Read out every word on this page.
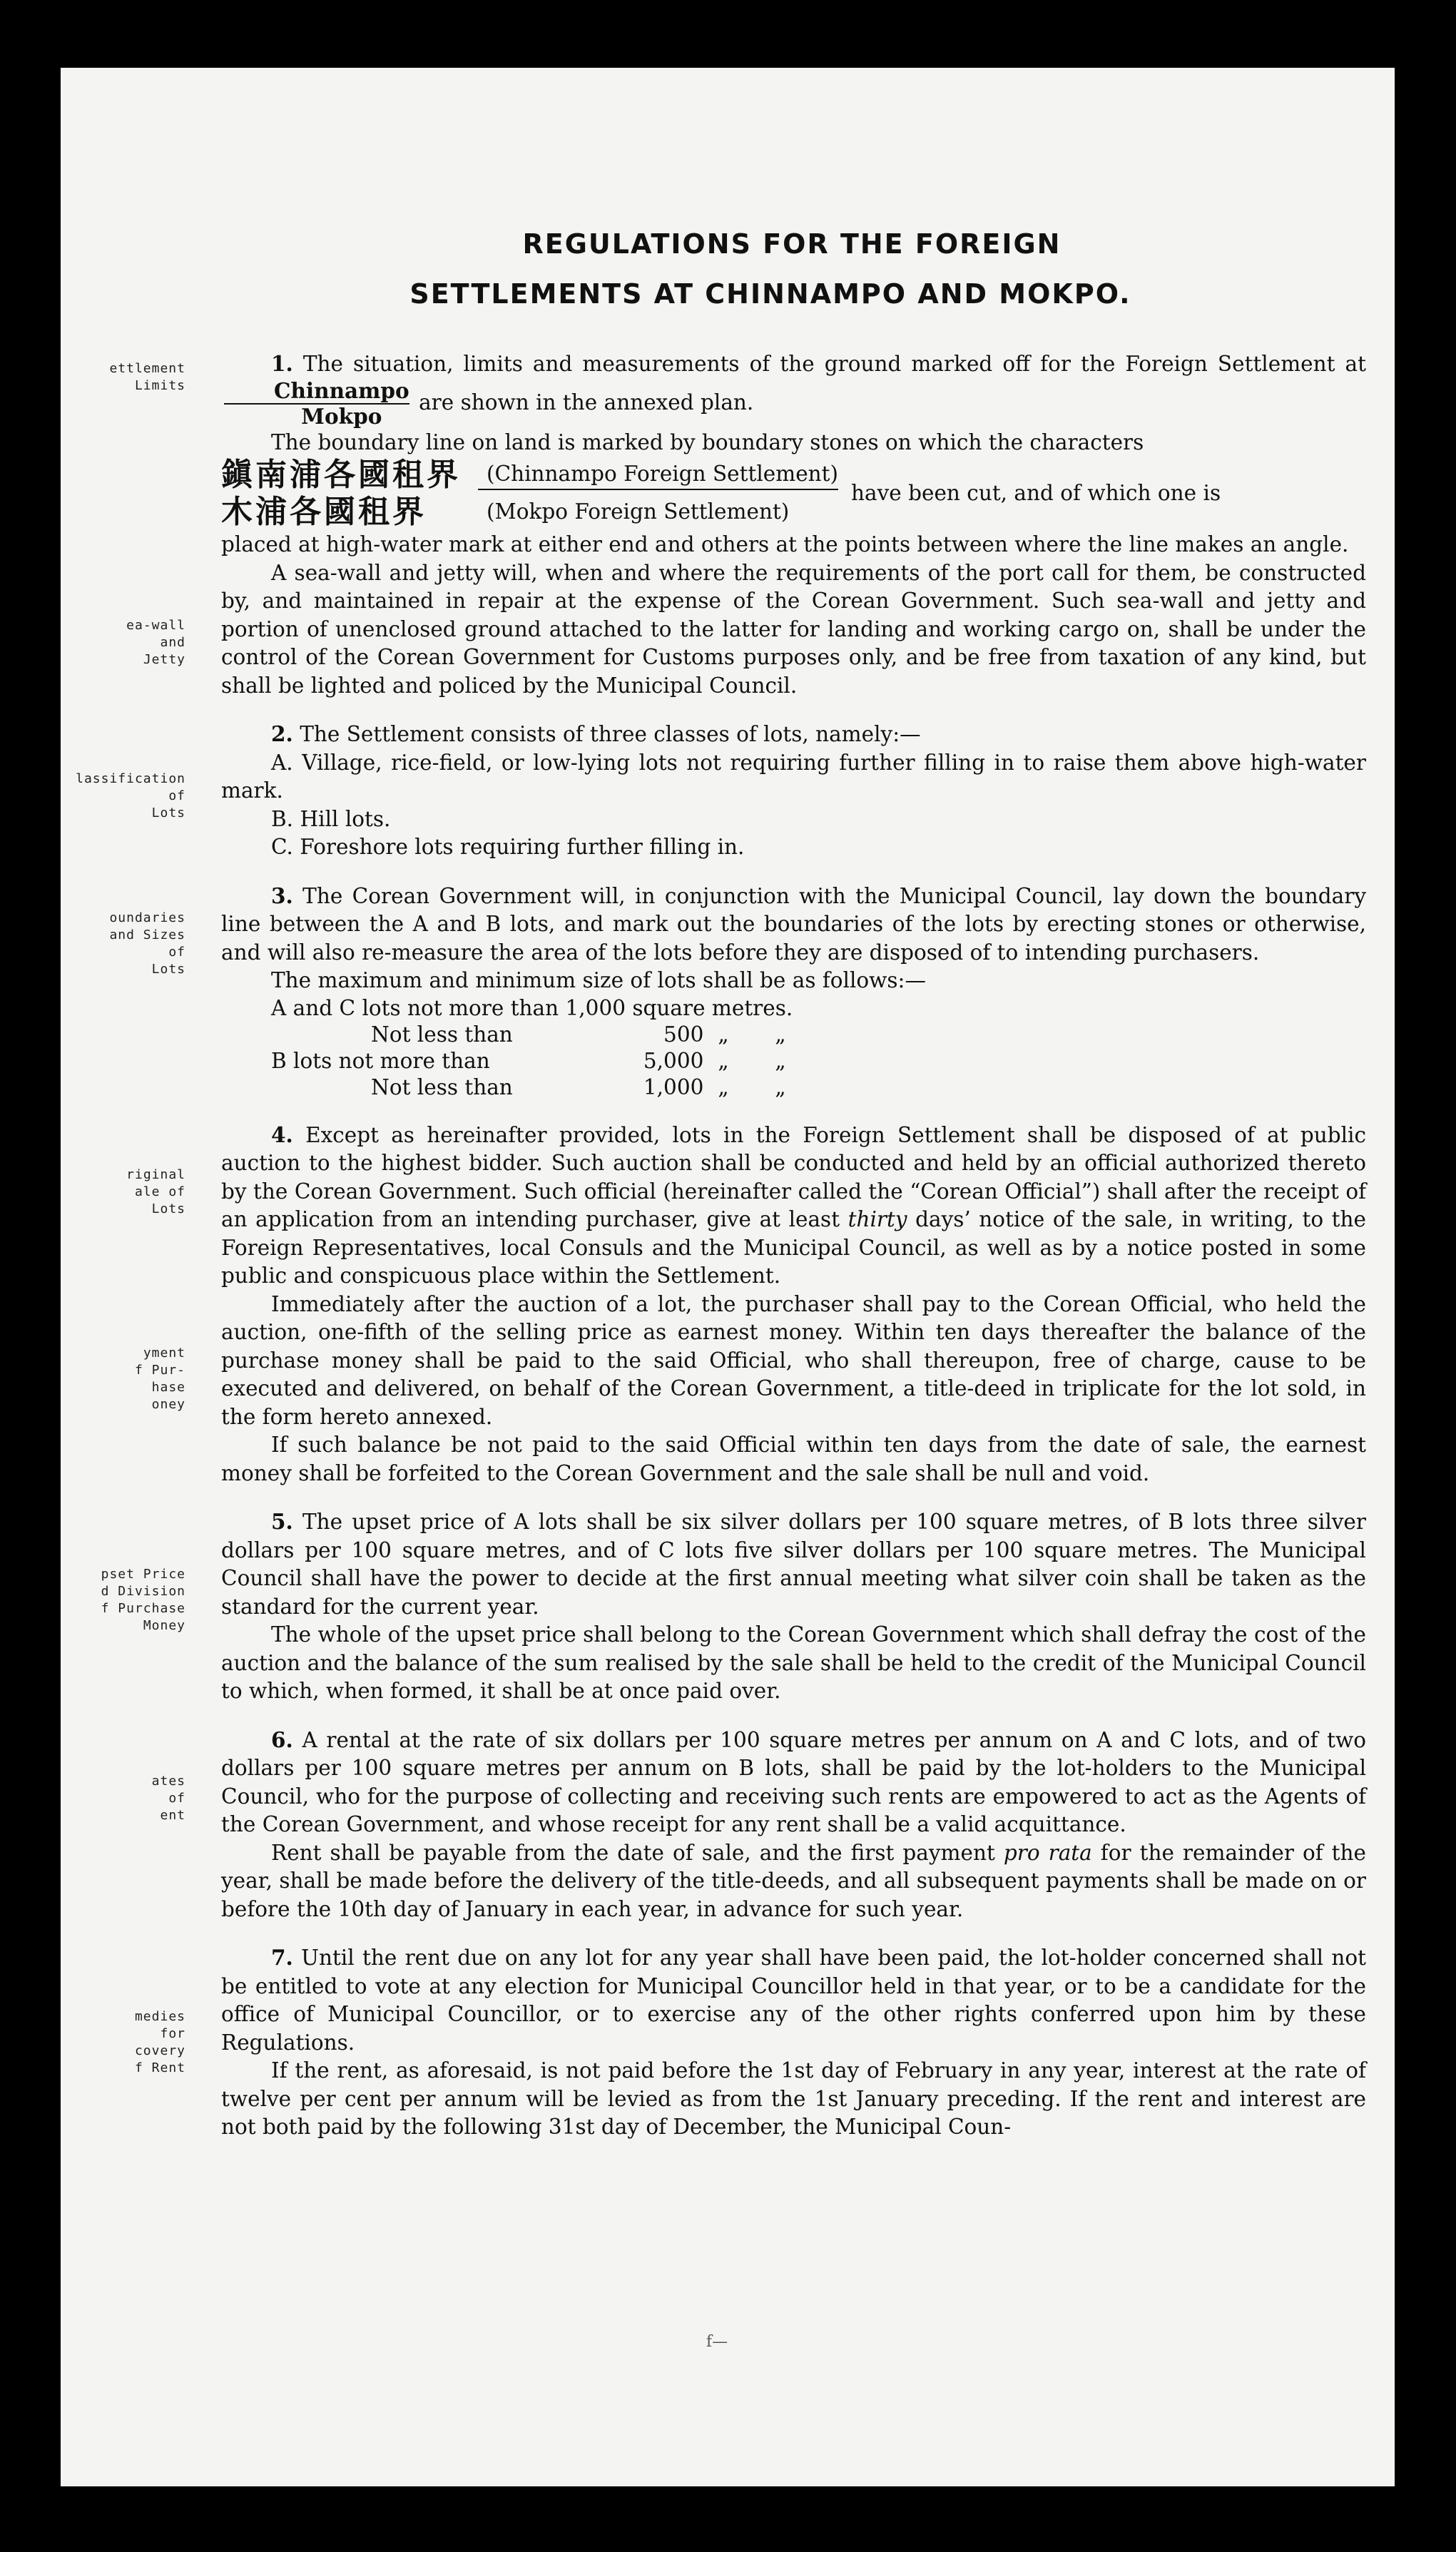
REGULATIONS FOR THE FOREIGN
SETTLEMENTS AT CHINNAMPO AND MOKPO.
ettlement
Limits
ea-wall
and
Jetty
lassification
of
Lots
oundaries
and Sizes
of
Lots
riginal
ale of
Lots
yment
f Pur-
hase
oney
pset Price
d Division
f Purchase
Money
ates
of
ent
medies
for
covery
f Rent

1. The situation, limits and measurements of the ground marked off for the Foreign Settlement at
Chinnampo
Mokpo
are shown in the annexed plan.

The boundary line on land is marked by boundary stones on which the characters

鎭南浦各國租界	(Chinnampo Foreign Settlement)
木浦各國租界	(Mokpo Foreign Settlement)
have been cut, and of which one is

placed at high-water mark at either end and others at the points between where the line makes an angle.

A sea-wall and jetty will, when and where the requirements of the port call for them, be constructed by, and maintained in repair at the expense of the Corean Government. Such sea-wall and jetty and portion of unenclosed ground attached to the latter for landing and working cargo on, shall be under the control of the Corean Government for Customs purposes only, and be free from taxation of any kind, but shall be lighted and policed by the Municipal Council.

2. The Settlement consists of three classes of lots, namely:—

A. Village, rice-field, or low-lying lots not requiring further filling in to raise them above high-water mark.

B. Hill lots.

C. Foreshore lots requiring further filling in.

3. The Corean Government will, in conjunction with the Municipal Council, lay down the boundary line between the A and B lots, and mark out the boundaries of the lots by erecting stones or otherwise, and will also re-measure the area of the lots before they are disposed of to intending purchasers.

The maximum and minimum size of lots shall be as follows:—

A and C lots not more than 1,000 square metres.			
Not less than	500	„	„
B lots not more than	5,000	„	„
Not less than	1,000	„	„

4. Except as hereinafter provided, lots in the Foreign Settlement shall be disposed of at public auction to the highest bidder. Such auction shall be conducted and held by an official authorized thereto by the Corean Government. Such official (hereinafter called the “Corean Official”) shall after the receipt of an application from an intending purchaser, give at least thirty days’ notice of the sale, in writing, to the Foreign Representatives, local Consuls and the Municipal Council, as well as by a notice posted in some public and conspicuous place within the Settlement.

Immediately after the auction of a lot, the purchaser shall pay to the Corean Official, who held the auction, one-fifth of the selling price as earnest money. Within ten days thereafter the balance of the purchase money shall be paid to the said Official, who shall thereupon, free of charge, cause to be executed and delivered, on behalf of the Corean Government, a title-deed in triplicate for the lot sold, in the form hereto annexed.

If such balance be not paid to the said Official within ten days from the date of sale, the earnest money shall be forfeited to the Corean Government and the sale shall be null and void.

5. The upset price of A lots shall be six silver dollars per 100 square metres, of B lots three silver dollars per 100 square metres, and of C lots five silver dollars per 100 square metres. The Municipal Council shall have the power to decide at the first annual meeting what silver coin shall be taken as the standard for the current year.

The whole of the upset price shall belong to the Corean Government which shall defray the cost of the auction and the balance of the sum realised by the sale shall be held to the credit of the Municipal Council to which, when formed, it shall be at once paid over.

6. A rental at the rate of six dollars per 100 square metres per annum on A and C lots, and of two dollars per 100 square metres per annum on B lots, shall be paid by the lot-holders to the Municipal Council, who for the purpose of collecting and receiving such rents are empowered to act as the Agents of the Corean Government, and whose receipt for any rent shall be a valid acquittance.

Rent shall be payable from the date of sale, and the first payment pro rata for the remainder of the year, shall be made before the delivery of the title-deeds, and all subsequent payments shall be made on or before the 10th day of January in each year, in advance for such year.

7. Until the rent due on any lot for any year shall have been paid, the lot-holder concerned shall not be entitled to vote at any election for Municipal Councillor held in that year, or to be a candidate for the office of Municipal Councillor, or to exercise any of the other rights conferred upon him by these Regulations.

If the rent, as aforesaid, is not paid before the 1st day of February in any year, interest at the rate of twelve per cent per annum will be levied as from the 1st January preceding. If the rent and interest are not both paid by the following 31st day of December, the Municipal Coun-

f—
